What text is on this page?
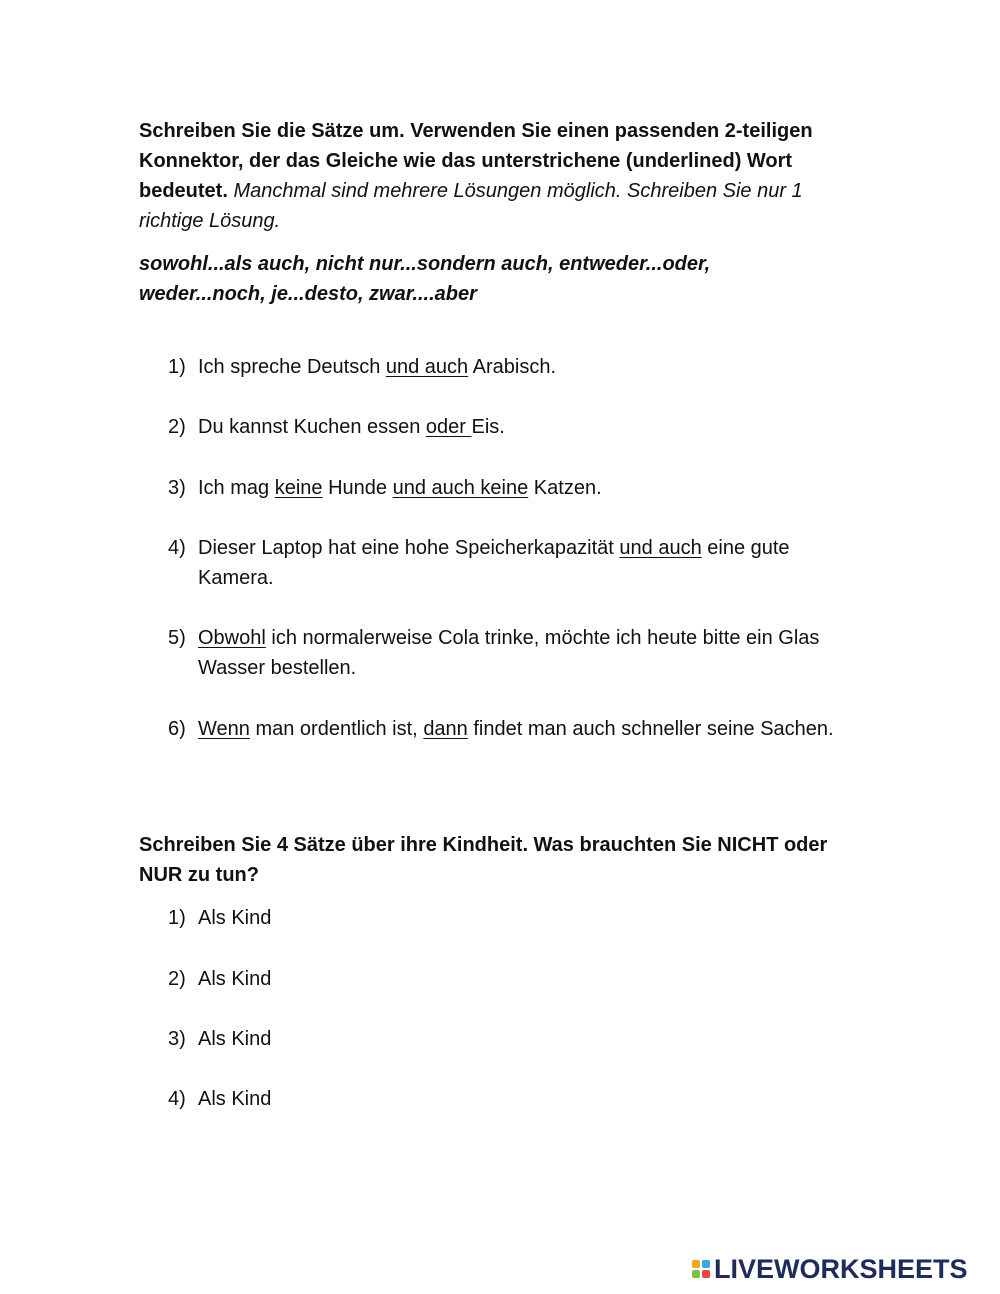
Schreiben Sie die Sätze um. Verwenden Sie einen passenden 2-teiligen Konnektor, der das Gleiche wie das unterstrichene (underlined) Wort bedeutet. Manchmal sind mehrere Lösungen möglich. Schreiben Sie nur 1 richtige Lösung.
sowohl...als auch, nicht nur...sondern auch, entweder...oder, weder...noch, je...desto, zwar....aber
1) Ich spreche Deutsch und auch Arabisch.
2) Du kannst Kuchen essen oder Eis.
3) Ich mag keine Hunde und auch keine Katzen.
4) Dieser Laptop hat eine hohe Speicherkapazität und auch eine gute Kamera.
5) Obwohl ich normalerweise Cola trinke, möchte ich heute bitte ein Glas Wasser bestellen.
6) Wenn man ordentlich ist, dann findet man auch schneller seine Sachen.
Schreiben Sie 4 Sätze über ihre Kindheit. Was brauchten Sie NICHT oder NUR zu tun?
1) Als Kind
2) Als Kind
3) Als Kind
4) Als Kind
LIVEWORKSHEETS
